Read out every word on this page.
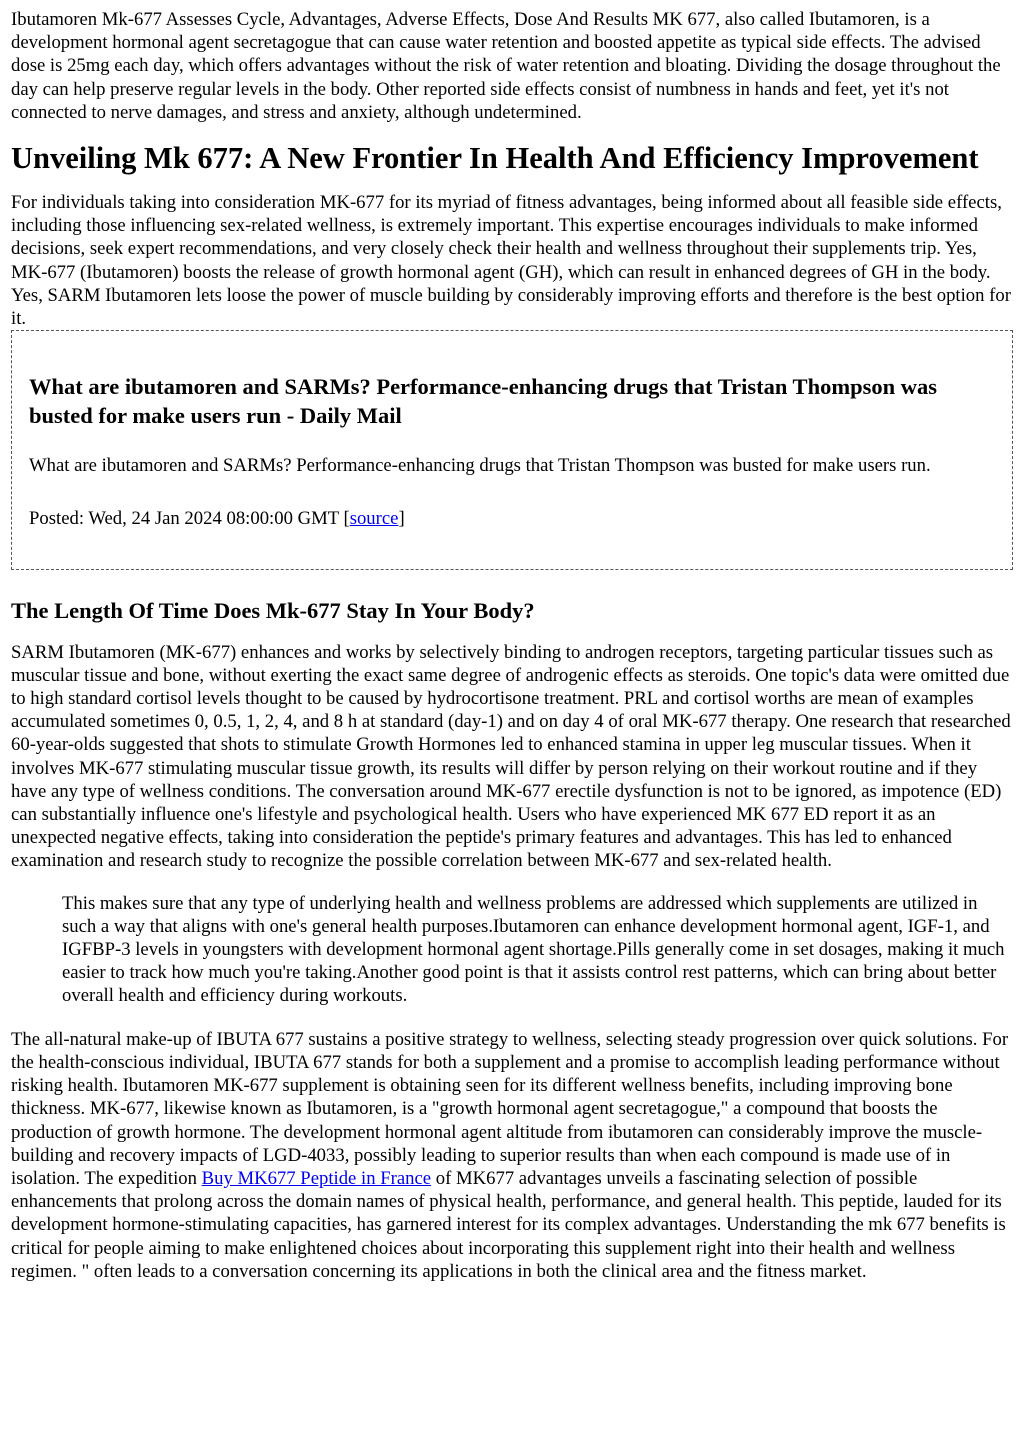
Ibutamoren Mk-677 Assesses Cycle, Advantages, Adverse Effects, Dose And Results MK 677, also called Ibutamoren, is a development hormonal agent secretagogue that can cause water retention and boosted appetite as typical side effects. The advised dose is 25mg each day, which offers advantages without the risk of water retention and bloating. Dividing the dosage throughout the day can help preserve regular levels in the body. Other reported side effects consist of numbness in hands and feet, yet it's not connected to nerve damages, and stress and anxiety, although undetermined.

Unveiling Mk 677: A New Frontier In Health And Efficiency Improvement

For individuals taking into consideration MK-677 for its myriad of fitness advantages, being informed about all feasible side effects, including those influencing sex-related wellness, is extremely important. This expertise encourages individuals to make informed decisions, seek expert recommendations, and very closely check their health and wellness throughout their supplements trip. Yes, MK-677 (Ibutamoren) boosts the release of growth hormonal agent (GH), which can result in enhanced degrees of GH in the body. Yes, SARM Ibutamoren lets loose the power of muscle building by considerably improving efforts and therefore is the best option for it.

What are ibutamoren and SARMs? Performance-enhancing drugs that Tristan Thompson was busted for make users run - Daily Mail

What are ibutamoren and SARMs? Performance-enhancing drugs that Tristan Thompson was busted for make users run.

Posted: Wed, 24 Jan 2024 08:00:00 GMT [source]

The Length Of Time Does Mk-677 Stay In Your Body?

SARM Ibutamoren (MK-677) enhances and works by selectively binding to androgen receptors, targeting particular tissues such as muscular tissue and bone, without exerting the exact same degree of androgenic effects as steroids. One topic's data were omitted due to high standard cortisol levels thought to be caused by hydrocortisone treatment. PRL and cortisol worths are mean of examples accumulated sometimes 0, 0.5, 1, 2, 4, and 8 h at standard (day-1) and on day 4 of oral MK-677 therapy. One research that researched 60-year-olds suggested that shots to stimulate Growth Hormones led to enhanced stamina in upper leg muscular tissues. When it involves MK-677 stimulating muscular tissue growth, its results will differ by person relying on their workout routine and if they have any type of wellness conditions. The conversation around MK-677 erectile dysfunction is not to be ignored, as impotence (ED) can substantially influence one's lifestyle and psychological health. Users who have experienced MK 677 ED report it as an unexpected negative effects, taking into consideration the peptide's primary features and advantages. This has led to enhanced examination and research study to recognize the possible correlation between MK-677 and sex-related health.

This makes sure that any type of underlying health and wellness problems are addressed which supplements are utilized in such a way that aligns with one's general health purposes.Ibutamoren can enhance development hormonal agent, IGF-1, and IGFBP-3 levels in youngsters with development hormonal agent shortage.Pills generally come in set dosages, making it much easier to track how much you're taking.Another good point is that it assists control rest patterns, which can bring about better overall health and efficiency during workouts.

The all-natural make-up of IBUTA 677 sustains a positive strategy to wellness, selecting steady progression over quick solutions. For the health-conscious individual, IBUTA 677 stands for both a supplement and a promise to accomplish leading performance without risking health. Ibutamoren MK-677 supplement is obtaining seen for its different wellness benefits, including improving bone thickness. MK-677, likewise known as Ibutamoren, is a "growth hormonal agent secretagogue," a compound that boosts the production of growth hormone. The development hormonal agent altitude from ibutamoren can considerably improve the muscle-building and recovery impacts of LGD-4033, possibly leading to superior results than when each compound is made use of in isolation. The expedition Buy MK677 Peptide in France of MK677 advantages unveils a fascinating selection of possible enhancements that prolong across the domain names of physical health, performance, and general health. This peptide, lauded for its development hormone-stimulating capacities, has garnered interest for its complex advantages. Understanding the mk 677 benefits is critical for people aiming to make enlightened choices about incorporating this supplement right into their health and wellness regimen. " often leads to a conversation concerning its applications in both the clinical area and the fitness market.
